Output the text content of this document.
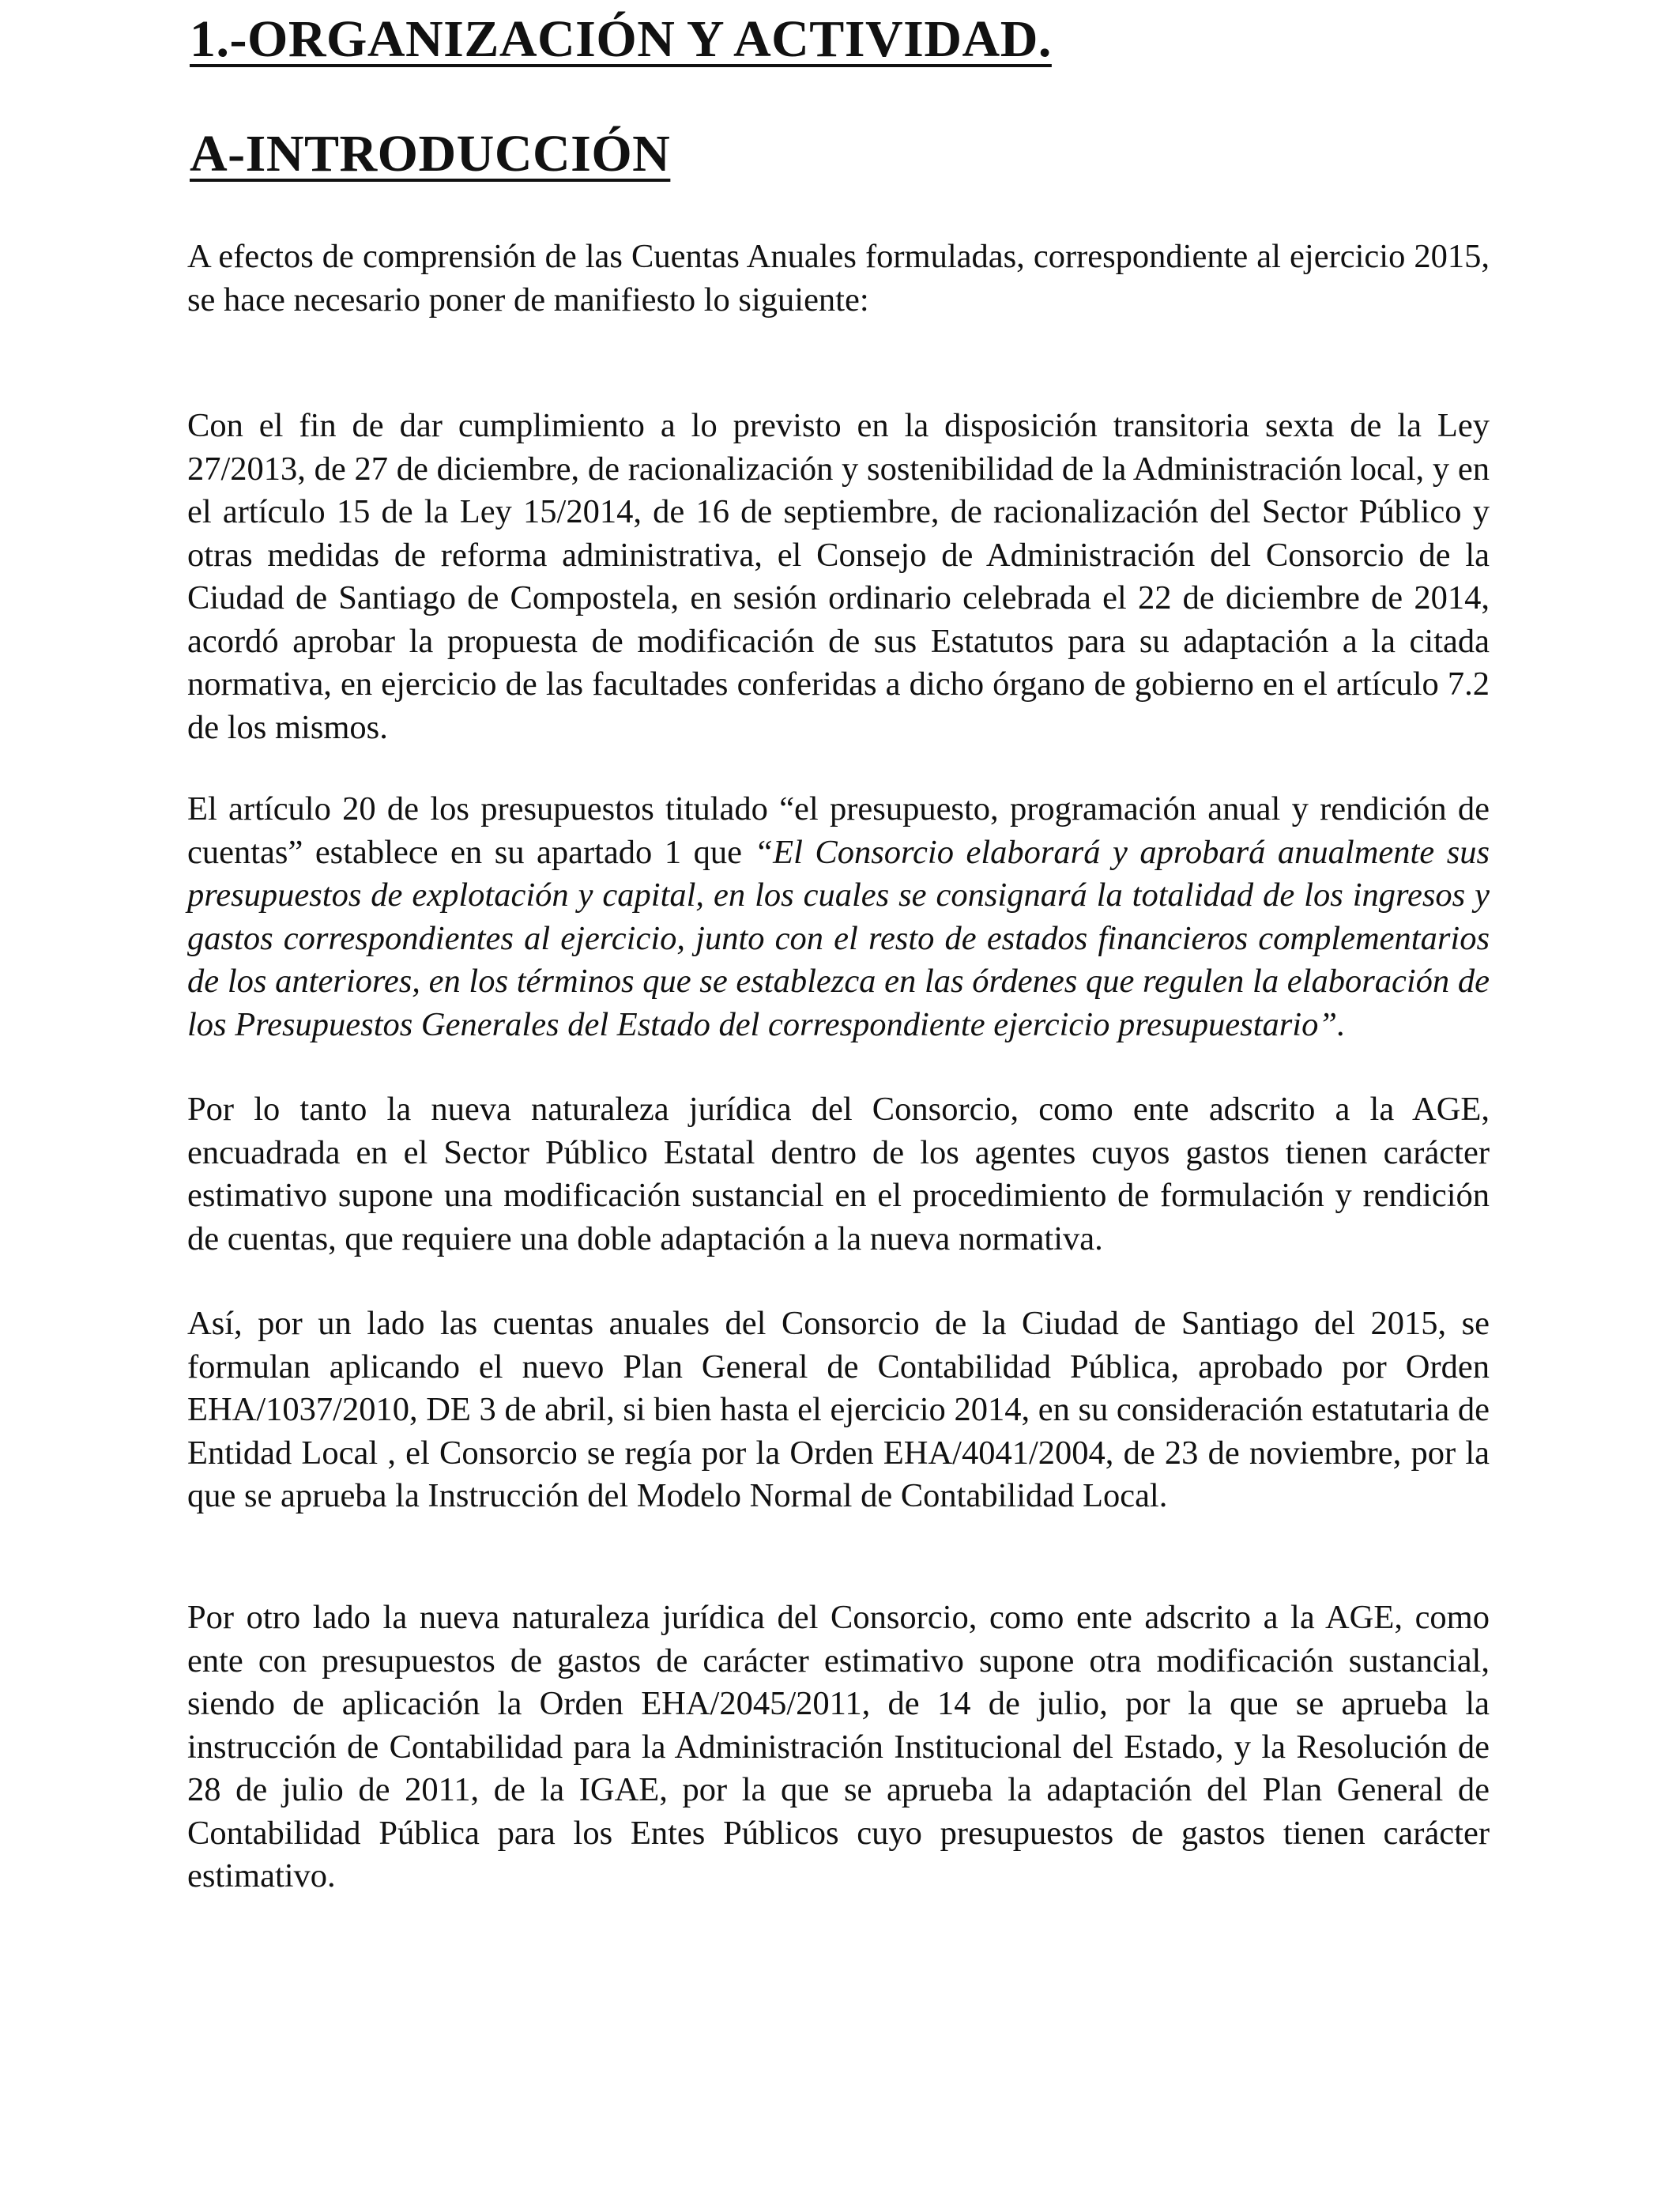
1.-ORGANIZACIÓN Y ACTIVIDAD.
A-INTRODUCCIÓN

A efectos de comprensión de las Cuentas Anuales formuladas, correspondiente al ejercicio 2015, se hace necesario poner de manifiesto lo siguiente:

Con el fin de dar cumplimiento a lo previsto en la disposición transitoria sexta de la Ley 27/2013, de 27 de diciembre, de racionalización y sostenibilidad de la Administración local, y en el artículo 15 de la Ley 15/2014, de 16 de septiembre, de racionalización del Sector Público y otras medidas de reforma administrativa, el Consejo de Administración del Consorcio de la Ciudad de Santiago de Compostela, en sesión ordinario celebrada el 22 de diciembre de 2014, acordó aprobar la propuesta de modificación de sus Estatutos para su adaptación a la citada normativa, en ejercicio de las facultades conferidas a dicho órgano de gobierno en el artículo 7.2 de los mismos.

El artículo 20 de los presupuestos titulado “el presupuesto, programación anual y rendición de cuentas” establece en su apartado 1 que “El Consorcio elaborará y aprobará anualmente sus presupuestos de explotación y capital, en los cuales se consignará la totalidad de los ingresos y gastos correspondientes al ejercicio, junto con el resto de estados financieros complementarios de los anteriores, en los términos que se establezca en las órdenes que regulen la elaboración de los Presupuestos Generales del Estado del correspondiente ejercicio presupuestario”.

Por lo tanto la nueva naturaleza jurídica del Consorcio, como ente adscrito a la AGE, encuadrada en el Sector Público Estatal dentro de los agentes cuyos gastos tienen carácter estimativo supone una modificación sustancial en el procedimiento de formulación y rendición de cuentas, que requiere una doble adaptación a la nueva normativa.

Así, por un lado las cuentas anuales del Consorcio de la Ciudad de Santiago del 2015, se formulan aplicando el nuevo Plan General de Contabilidad Pública, aprobado por Orden EHA/1037/2010, DE 3 de abril, si bien hasta el ejercicio 2014, en su consideración estatutaria de Entidad Local , el Consorcio se regía por la Orden EHA/4041/2004, de 23 de noviembre, por la que se aprueba la Instrucción del Modelo Normal de Contabilidad Local.

Por otro lado la nueva naturaleza jurídica del Consorcio, como ente adscrito a la AGE, como ente con presupuestos de gastos de carácter estimativo supone otra modificación sustancial, siendo de aplicación la Orden EHA/2045/2011, de 14 de julio, por la que se aprueba la instrucción de Contabilidad para la Administración Institucional del Estado, y la Resolución de 28 de julio de 2011, de la IGAE, por la que se aprueba la adaptación del Plan General de Contabilidad Pública para los Entes Públicos cuyo presupuestos de gastos tienen carácter estimativo.
